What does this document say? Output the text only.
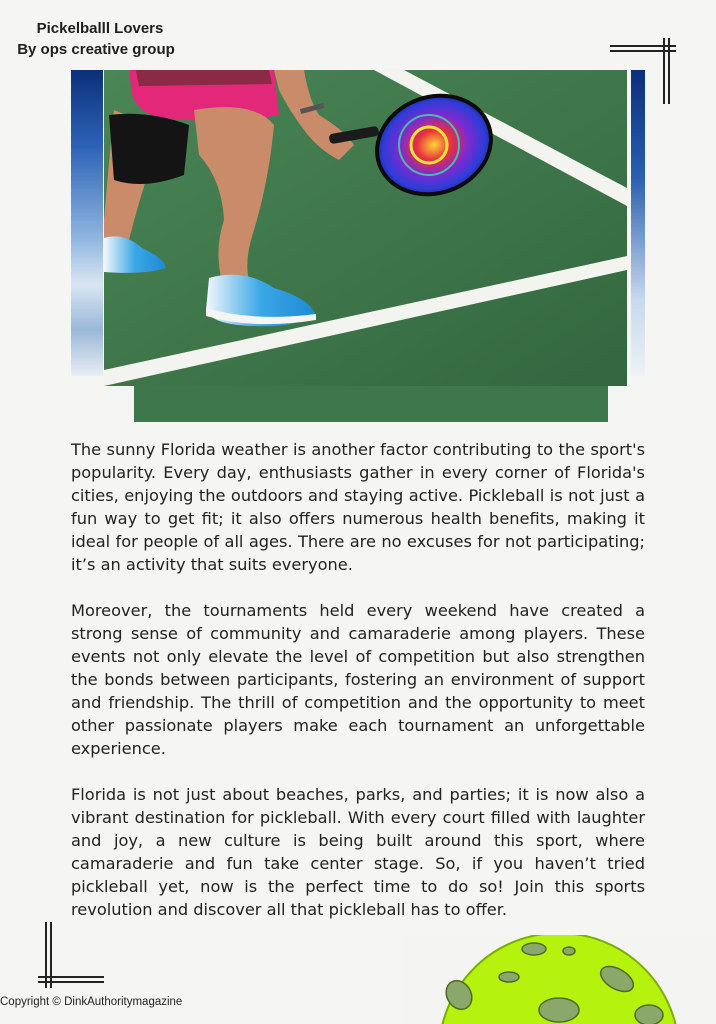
Pickelballl Lovers
By ops creative group

The sunny Florida weather is another factor contributing to the sport's popularity. Every day, enthusiasts gather in every corner of Florida's cities, enjoying the outdoors and staying active. Pickleball is not just a fun way to get fit; it also offers numerous health benefits, making it ideal for people of all ages. There are no excuses for not participating; it’s an activity that suits everyone.

Moreover, the tournaments held every weekend have created a strong sense of community and camaraderie among players. These events not only elevate the level of competition but also strengthen the bonds between participants, fostering an environment of support and friendship. The thrill of competition and the opportunity to meet other passionate players make each tournament an unforgettable experience.

Florida is not just about beaches, parks, and parties; it is now also a vibrant destination for pickleball. With every court filled with laughter and joy, a new culture is being built around this sport, where camaraderie and fun take center stage. So, if you haven’t tried pickleball yet, now is the perfect time to do so! Join this sports revolution and discover all that pickleball has to offer.

Copyright © DinkAuthoritymagazine
